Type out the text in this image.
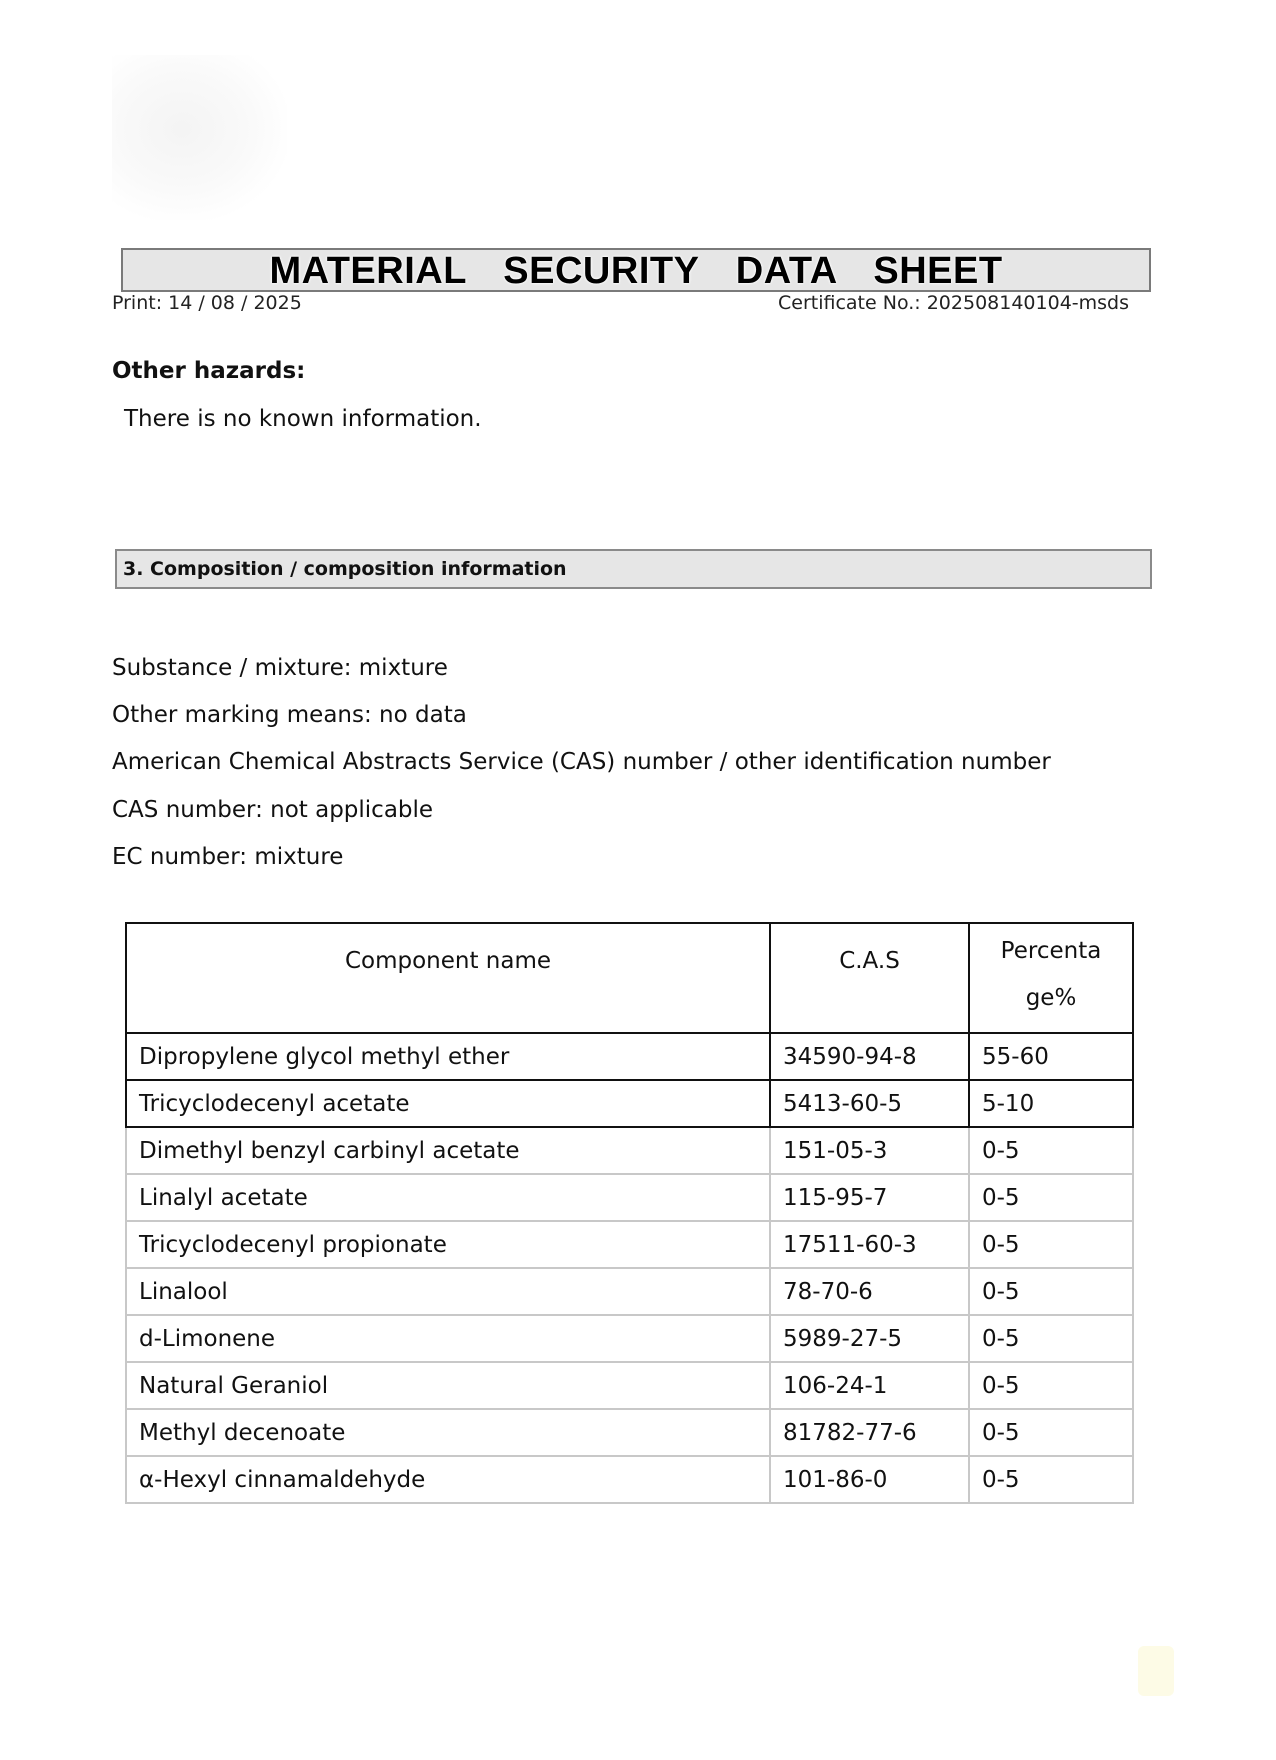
MATERIAL SECURITY DATA SHEET
Print: 14 / 08 / 2025	Certificate No.: 202508140104-msds
Other hazards:
There is no known information.
3. Composition / composition information
Substance / mixture: mixture
Other marking means: no data
American Chemical Abstracts Service (CAS) number / other identification number
CAS number: not applicable
EC number: mixture
Component name	C.A.S	Percenta
ge%
Dipropylene glycol methyl ether	34590-94-8	55-60
Tricyclodecenyl acetate	5413-60-5	5-10
Dimethyl benzyl carbinyl acetate	151-05-3	0-5
Linalyl acetate	115-95-7	0-5
Tricyclodecenyl propionate	17511-60-3	0-5
Linalool	78-70-6	0-5
d-Limonene	5989-27-5	0-5
Natural Geraniol	106-24-1	0-5
Methyl decenoate	81782-77-6	0-5
α-Hexyl cinnamaldehyde	101-86-0	0-5
